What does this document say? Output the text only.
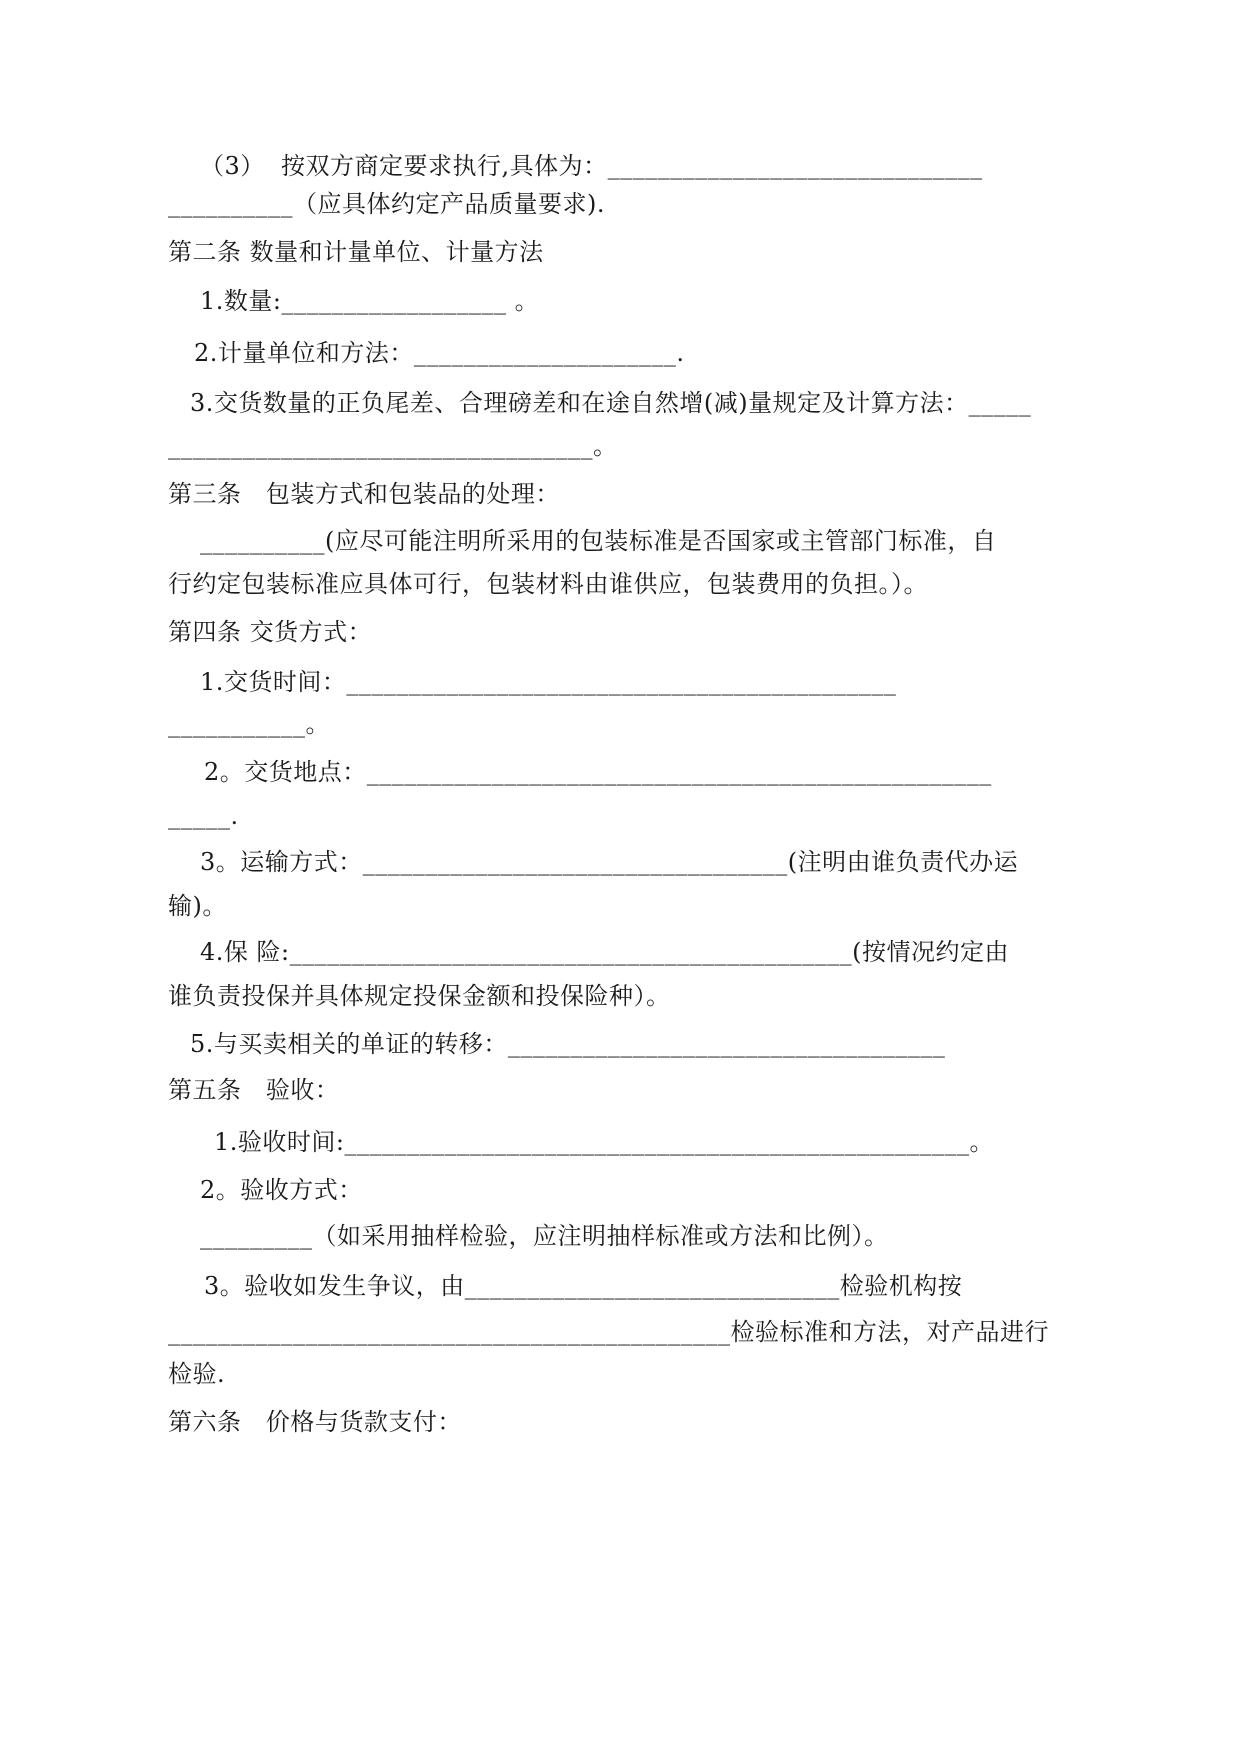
（3）  按双方商定要求执行,具体为：______________________________
__________（应具体约定产品质量要求).
第二条 数量和计量单位、计量方法
1.数量:__________________ 。
2.计量单位和方法：_____________________.
3.交货数量的正负尾差、合理磅差和在途自然增(减)量规定及计算方法：_____
__________________________________。
第三条   包装方式和包装品的处理：
__________(应尽可能注明所采用的包装标准是否国家或主管部门标准，自
行约定包装标准应具体可行，包装材料由谁供应，包装费用的负担。）。
第四条 交货方式：
1.交货时间：____________________________________________
___________。
2。交货地点：__________________________________________________
_____.
3。运输方式：__________________________________(注明由谁负责代办运
输)。
4.保 险:_____________________________________________(按情况约定由
谁负责投保并具体规定投保金额和投保险种）。
5.与买卖相关的单证的转移：___________________________________
第五条   验收：
1.验收时间:__________________________________________________。
2。验收方式：
_________（如采用抽样检验，应注明抽样标准或方法和比例）。
3。验收如发生争议，由______________________________检验机构按
_____________________________________________检验标准和方法，对产品进行
检验.
第六条   价格与货款支付：
